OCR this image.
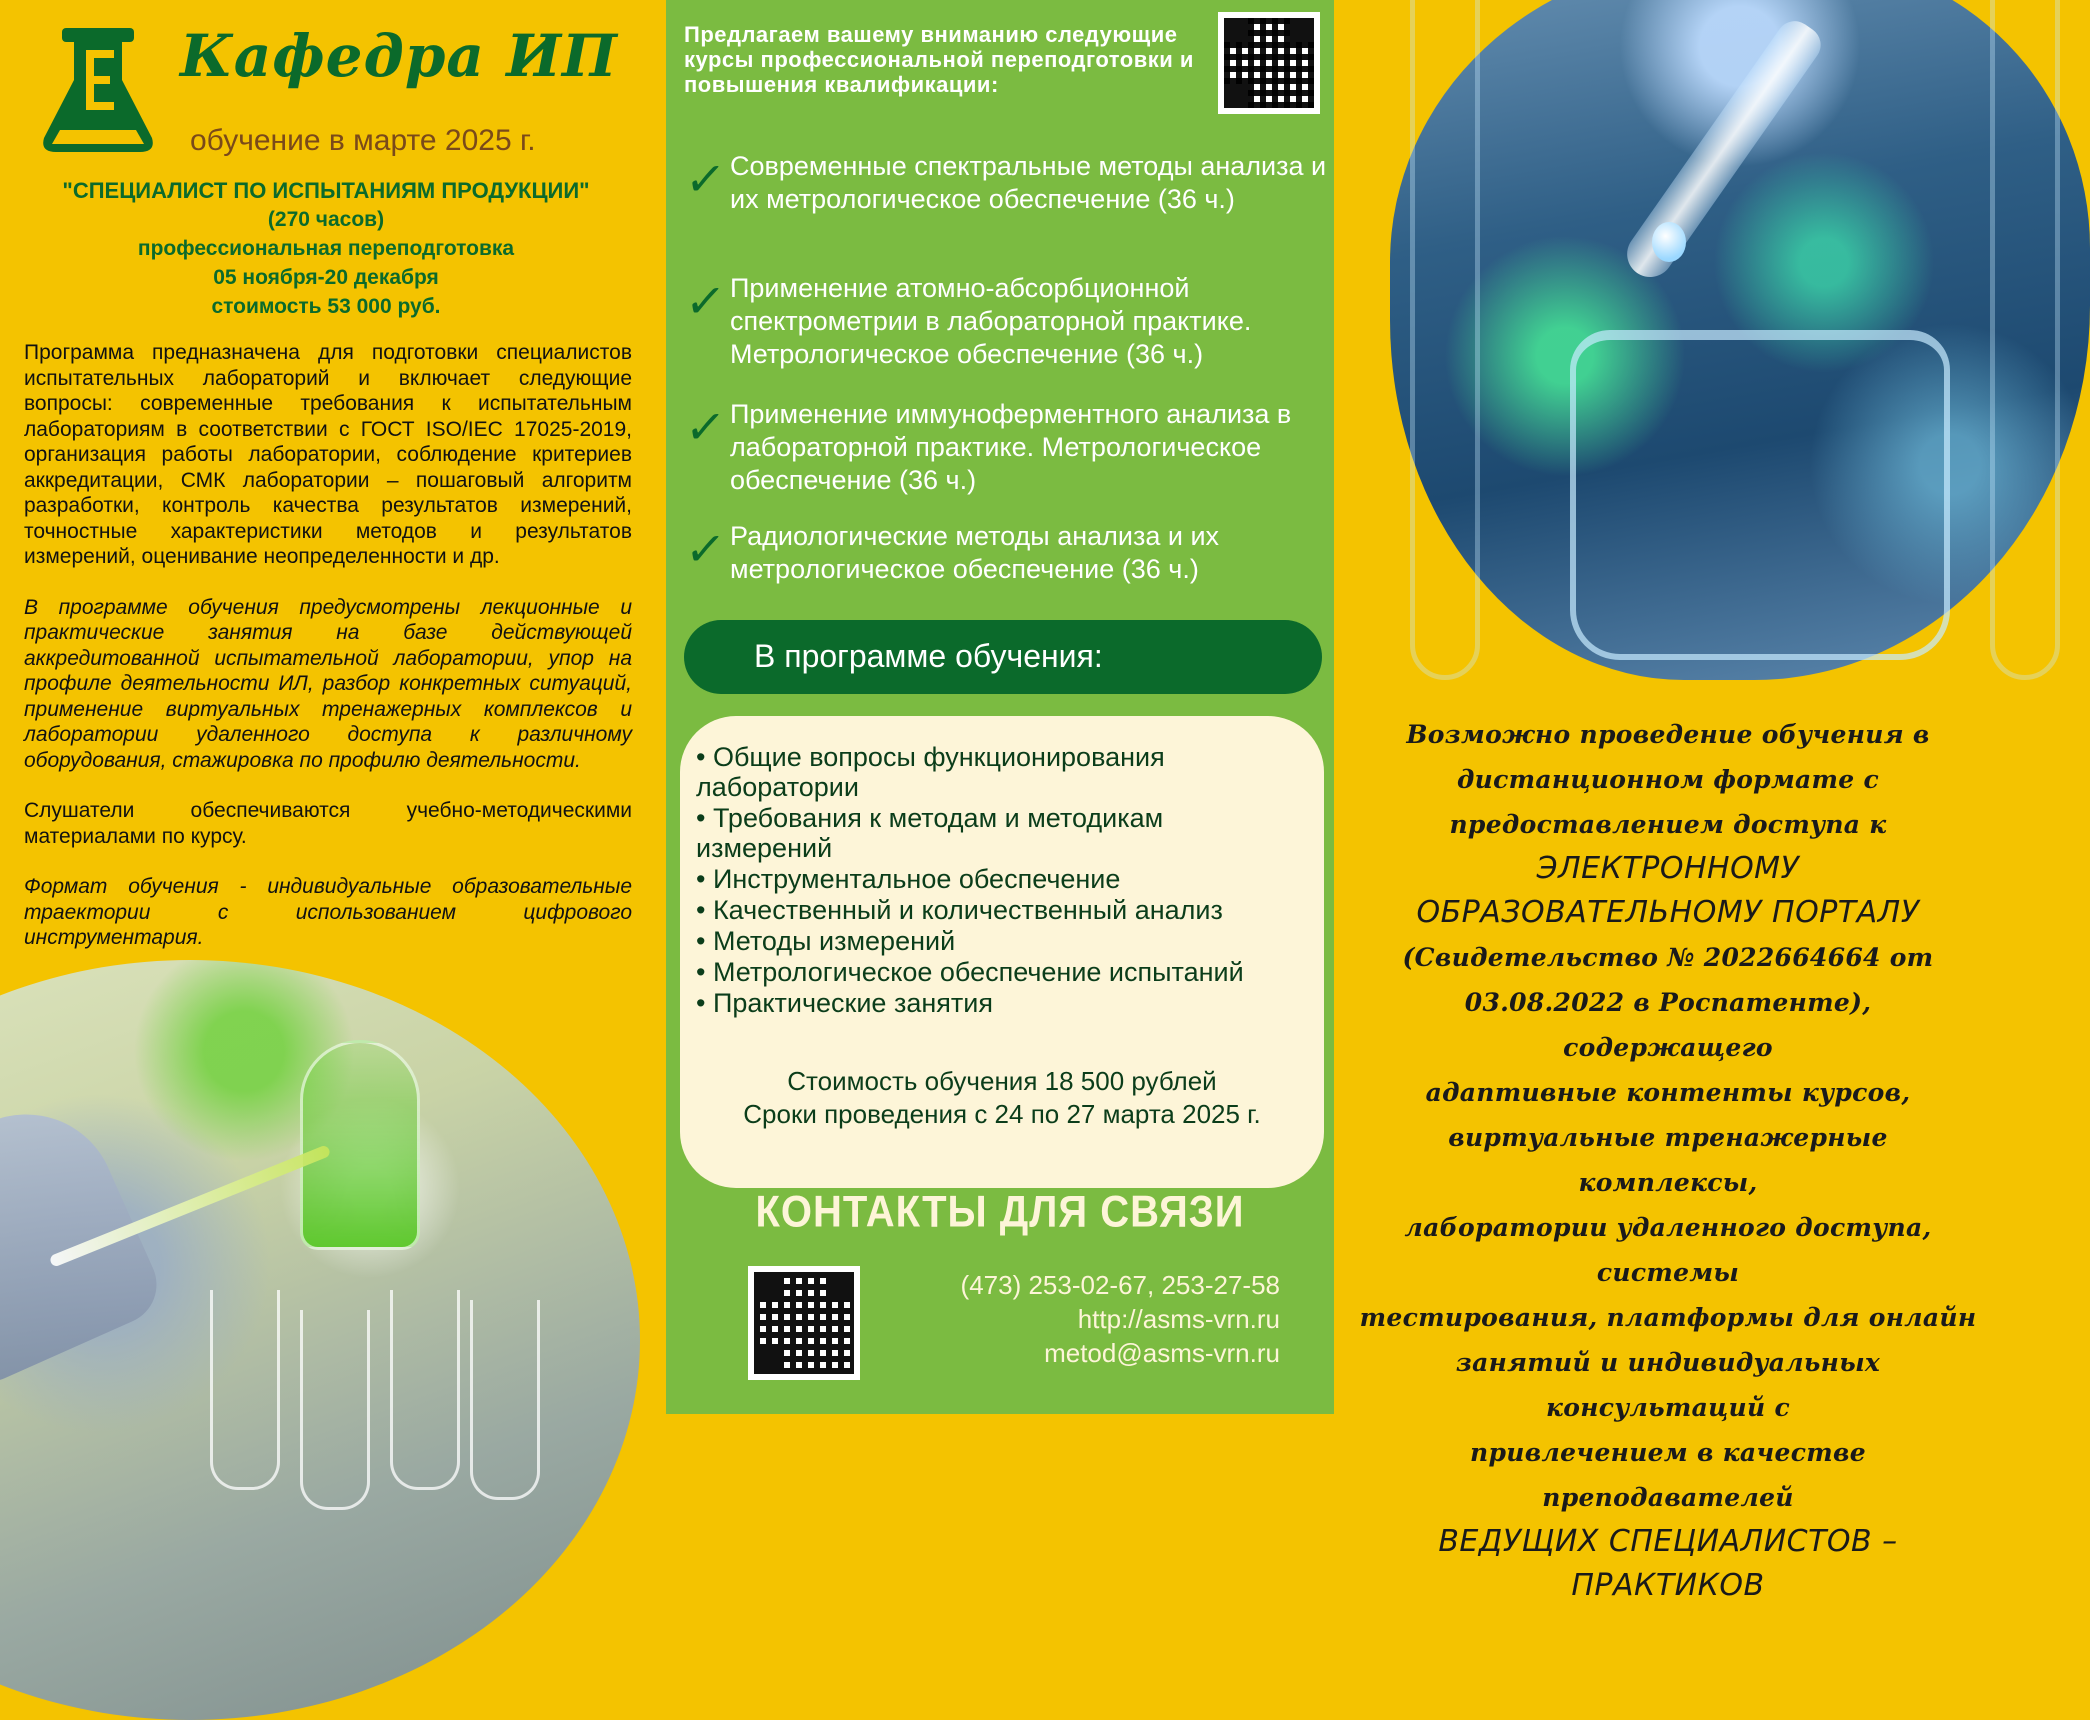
Кафедра ИП
обучение в марте 2025 г.
"СПЕЦИАЛИСТ ПО ИСПЫТАНИЯМ ПРОДУКЦИИ"
(270 часов)
профессиональная переподготовка
05 ноября-20 декабря
стоимость 53 000 руб.

Программа предназначена для подготовки специалистов испытательных лабораторий и включает следующие вопросы: современные требования к испытательным лабораториям в соответствии с ГОСТ ISO/IEC 17025-2019, организация работы лаборатории, соблюдение критериев аккредитации, СМК лаборатории – пошаговый алгоритм разработки, контроль качества результатов измерений, точностные характеристики методов и результатов измерений, оценивание неопределенности и др.

В программе обучения предусмотрены лекционные и практические занятия на базе действующей аккредитованной испытательной лаборатории, упор на профиле деятельности ИЛ, разбор конкретных ситуаций, применение виртуальных тренажерных комплексов и лаборатории удаленного доступа к различному оборудования, стажировка по профилю деятельности.

Слушатели обеспечиваются учебно-методическими материалами по курсу.

Формат обучения - индивидуальные образовательные траектории с использованием цифрового инструментария.

Предлагаем вашему вниманию следующие курсы профессиональной переподготовки и повышения квалификации:
✓ Современные спектральные методы анализа и их метрологическое обеспечение (36 ч.)
✓ Применение атомно-абсорбционной спектрометрии в лабораторной практике. Метрологическое обеспечение (36 ч.)
✓ Применение иммуноферментного анализа в лабораторной практике. Метрологическое обеспечение (36 ч.)
✓ Радиологические методы анализа и их метрологическое обеспечение (36 ч.)
В программе обучения:
• Общие вопросы функционирования лаборатории
• Требования к методам и методикам измерений
• Инструментальное обеспечение
• Качественный и количественный анализ
• Методы измерений
• Метрологическое обеспечение испытаний
• Практические занятия
Стоимость обучения 18 500 рублей
Сроки проведения с 24 по 27 марта 2025 г.
КОНТАКТЫ ДЛЯ СВЯЗИ
(473) 253-02-67, 253-27-58
http://asms-vrn.ru
metod@asms-vrn.ru
Возможно проведение обучения в
дистанционном формате с
предоставлением доступа к
ЭЛЕКТРОННОМУ
ОБРАЗОВАТЕЛЬНОМУ ПОРТАЛУ
(Свидетельство № 2022664664 от
03.08.2022 в Роспатенте), содержащего
адаптивные контенты курсов,
виртуальные тренажерные комплексы,
лаборатории удаленного доступа, системы
тестирования, платформы для онлайн
занятий и индивидуальных консультаций с
привлечением в качестве преподавателей
ВЕДУЩИХ СПЕЦИАЛИСТОВ –
ПРАКТИКОВ
